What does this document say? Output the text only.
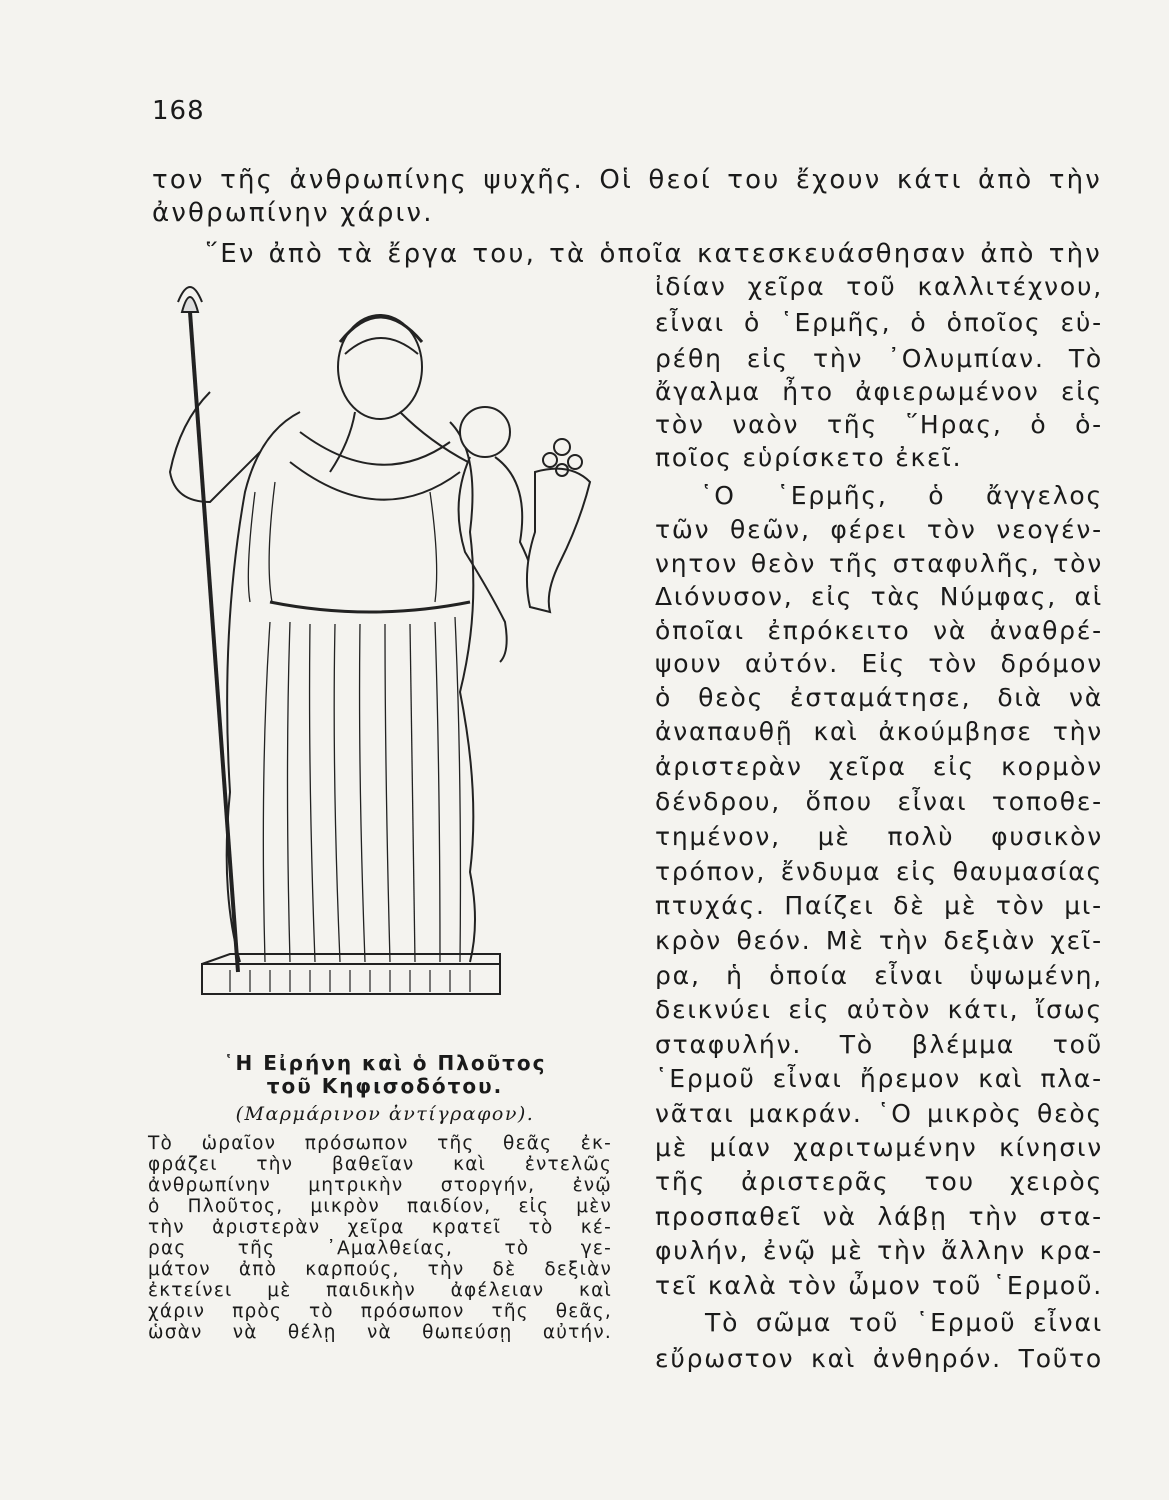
168
τον τῆς ἀνθρωπίνης ψυχῆς. Οἱ θεοί του ἔχουν κάτι ἀπὸ τὴν
ἀνθρωπίνην χάριν.
῞Εν ἀπὸ τὰ ἔργα του, τὰ ὁποῖα κατεσκευάσθησαν ἀπὸ τὴν
῾Η Εἰρήνη καὶ ὁ Πλοῦτος
τοῦ Κηφισοδότου.
(Μαρμάρινον ἀντίγραφον).
Τὸ ὡραῖον πρόσωπον τῆς θεᾶς ἐκ-
φράζει τὴν βαθεῖαν καὶ ἐντελῶς
ἀνθρωπίνην μητρικὴν στοργήν, ἐνῷ
ὁ Πλοῦτος, μικρὸν παιδίον, εἰς μὲν
τὴν ἀριστερὰν χεῖρα κρατεῖ τὸ κέ-
ρας τῆς ᾿Αμαλθείας, τὸ γε-
μάτον ἀπὸ καρπούς, τὴν δὲ δεξιὰν
ἐκτείνει μὲ παιδικὴν ἀφέλειαν καὶ
χάριν πρὸς τὸ πρόσωπον τῆς θεᾶς,
ὡσὰν νὰ θέλῃ νὰ θωπεύσῃ αὐτήν.
ἰδίαν χεῖρα τοῦ καλλιτέχνου,
εἶναι ὁ ῾Ερμῆς, ὁ ὁποῖος εὑ-
ρέθη εἰς τὴν ᾿Ολυμπίαν. Τὸ
ἄγαλμα ἦτο ἀφιερωμένον εἰς
τὸν ναὸν τῆς ῞Ηρας, ὁ ὁ-
ποῖος εὑρίσκετο ἐκεῖ.
῾Ο ῾Ερμῆς, ὁ ἄγγελος
τῶν θεῶν, φέρει τὸν νεογέν-
νητον θεὸν τῆς σταφυλῆς, τὸν
Διόνυσον, εἰς τὰς Νύμφας, αἱ
ὁποῖαι ἐπρόκειτο νὰ ἀναθρέ-
ψουν αὐτόν. Εἰς τὸν δρόμον
ὁ θεὸς ἐσταμάτησε, διὰ νὰ
ἀναπαυθῇ καὶ ἀκούμβησε τὴν
ἀριστερὰν χεῖρα εἰς κορμὸν
δένδρου, ὅπου εἶναι τοποθε-
τημένον, μὲ πολὺ φυσικὸν
τρόπον, ἔνδυμα εἰς θαυμασίας
πτυχάς. Παίζει δὲ μὲ τὸν μι-
κρὸν θεόν. Μὲ τὴν δεξιὰν χεῖ-
ρα, ἡ ὁποία εἶναι ὑψωμένη,
δεικνύει εἰς αὐτὸν κάτι, ἴσως
σταφυλήν. Τὸ βλέμμα τοῦ
῾Ερμοῦ εἶναι ἤρεμον καὶ πλα-
νᾶται μακράν. ῾Ο μικρὸς θεὸς
μὲ μίαν χαριτωμένην κίνησιν
τῆς ἀριστερᾶς του χειρὸς
προσπαθεῖ νὰ λάβῃ τὴν στα-
φυλήν, ἐνῷ μὲ τὴν ἄλλην κρα-
τεῖ καλὰ τὸν ὦμον τοῦ ῾Ερμοῦ.
Τὸ σῶμα τοῦ ῾Ερμοῦ εἶναι
εὔρωστον καὶ ἀνθηρόν. Τοῦτο
